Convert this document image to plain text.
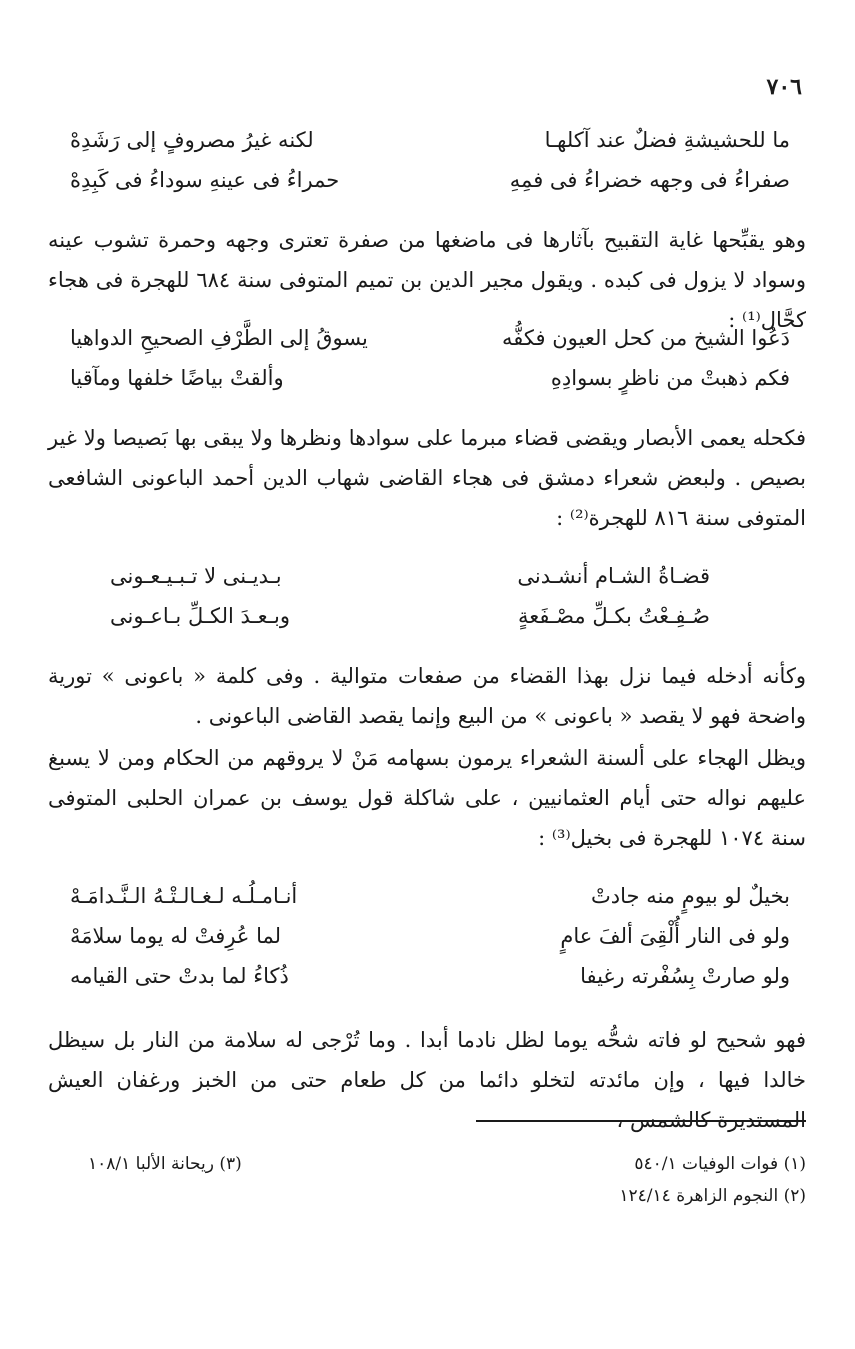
٧٠٦
ما للحشيشةِ فضلٌ عند آكلهـا
لكنه غيرُ مصروفٍ إلى رَشَدِهْ
صفراءُ فى وجهه خضراءُ فى فمِهِ
حمراءُ فى عينهِ سوداءُ فى كَبِدِهْ
وهو يقبِّحها غاية التقبيح بآثارها فى ماضغها من صفرة تعترى وجهه وحمرة تشوب عينه وسواد لا يزول فى كبده . ويقول مجير الدين بن تميم المتوفى سنة ٦٨٤ للهجرة فى هجاء كحَّال⁽¹⁾ :
دَعُوا الشيخ من كحل العيون فكفُّه
يسوقُ إلى الطَّرْفِ الصحيحِ الدواهيا
فكم ذهبتْ من ناظرٍ بسوادِهِ
وألقتْ بياضًا خلفها ومآقيا
فكحله يعمى الأبصار ويقضى قضاء مبرما على سوادها ونظرها ولا يبقى بها بَصيصا ولا غير بصيص . ولبعض شعراء دمشق فى هجاء القاضى شهاب الدين أحمد الباعونى الشافعى المتوفى سنة ٨١٦ للهجرة⁽²⁾ :
قضـاةُ الشـام أنشـدنى
بـديـنى لا تـبـيـعـونى
صُـفِـعْتُ بكـلِّ مصْـفَعةٍ
وبـعـدَ الكـلِّ بـاعـونى
وكأنه أدخله فيما نزل بهذا القضاء من صفعات متوالية . وفى كلمة « باعونى » تورية واضحة فهو لا يقصد « باعونى » من البيع وإنما يقصد القاضى الباعونى .
ويظل الهجاء على ألسنة الشعراء يرمون بسهامه مَنْ لا يروقهم من الحكام ومن لا يسبغ عليهم نواله حتى أيام العثمانيين ، على شاكلة قول يوسف بن عمران الحلبى المتوفى سنة ١٠٧٤ للهجرة فى بخيل⁽³⁾ :
بخيلٌ لو بيومٍ منه جادتْ
أنـامـلُـه لـغـالـتْـهُ الـنَّـدامَـهْ
ولو فى النار أُلْقِىَ ألفَ عامٍ
لما عُرِفتْ له يوما سلامَهْ
ولو صارتْ بِسُفْرته رغيفا
ذُكاءُ لما بدتْ حتى القيامه
فهو شحيح لو فاته شحُّه يوما لظل نادما أبدا . وما تُرْجى له سلامة من النار بل سيظل خالدا فيها ، وإن مائدته لتخلو دائما من كل طعام حتى من الخبز ورغفان العيش المستديرة كالشمس ،
(١) فوات الوفيات ٥٤٠/١
(٣) ريحانة الألبا ١٠٨/١
(٢) النجوم الزاهرة ١٢٤/١٤
